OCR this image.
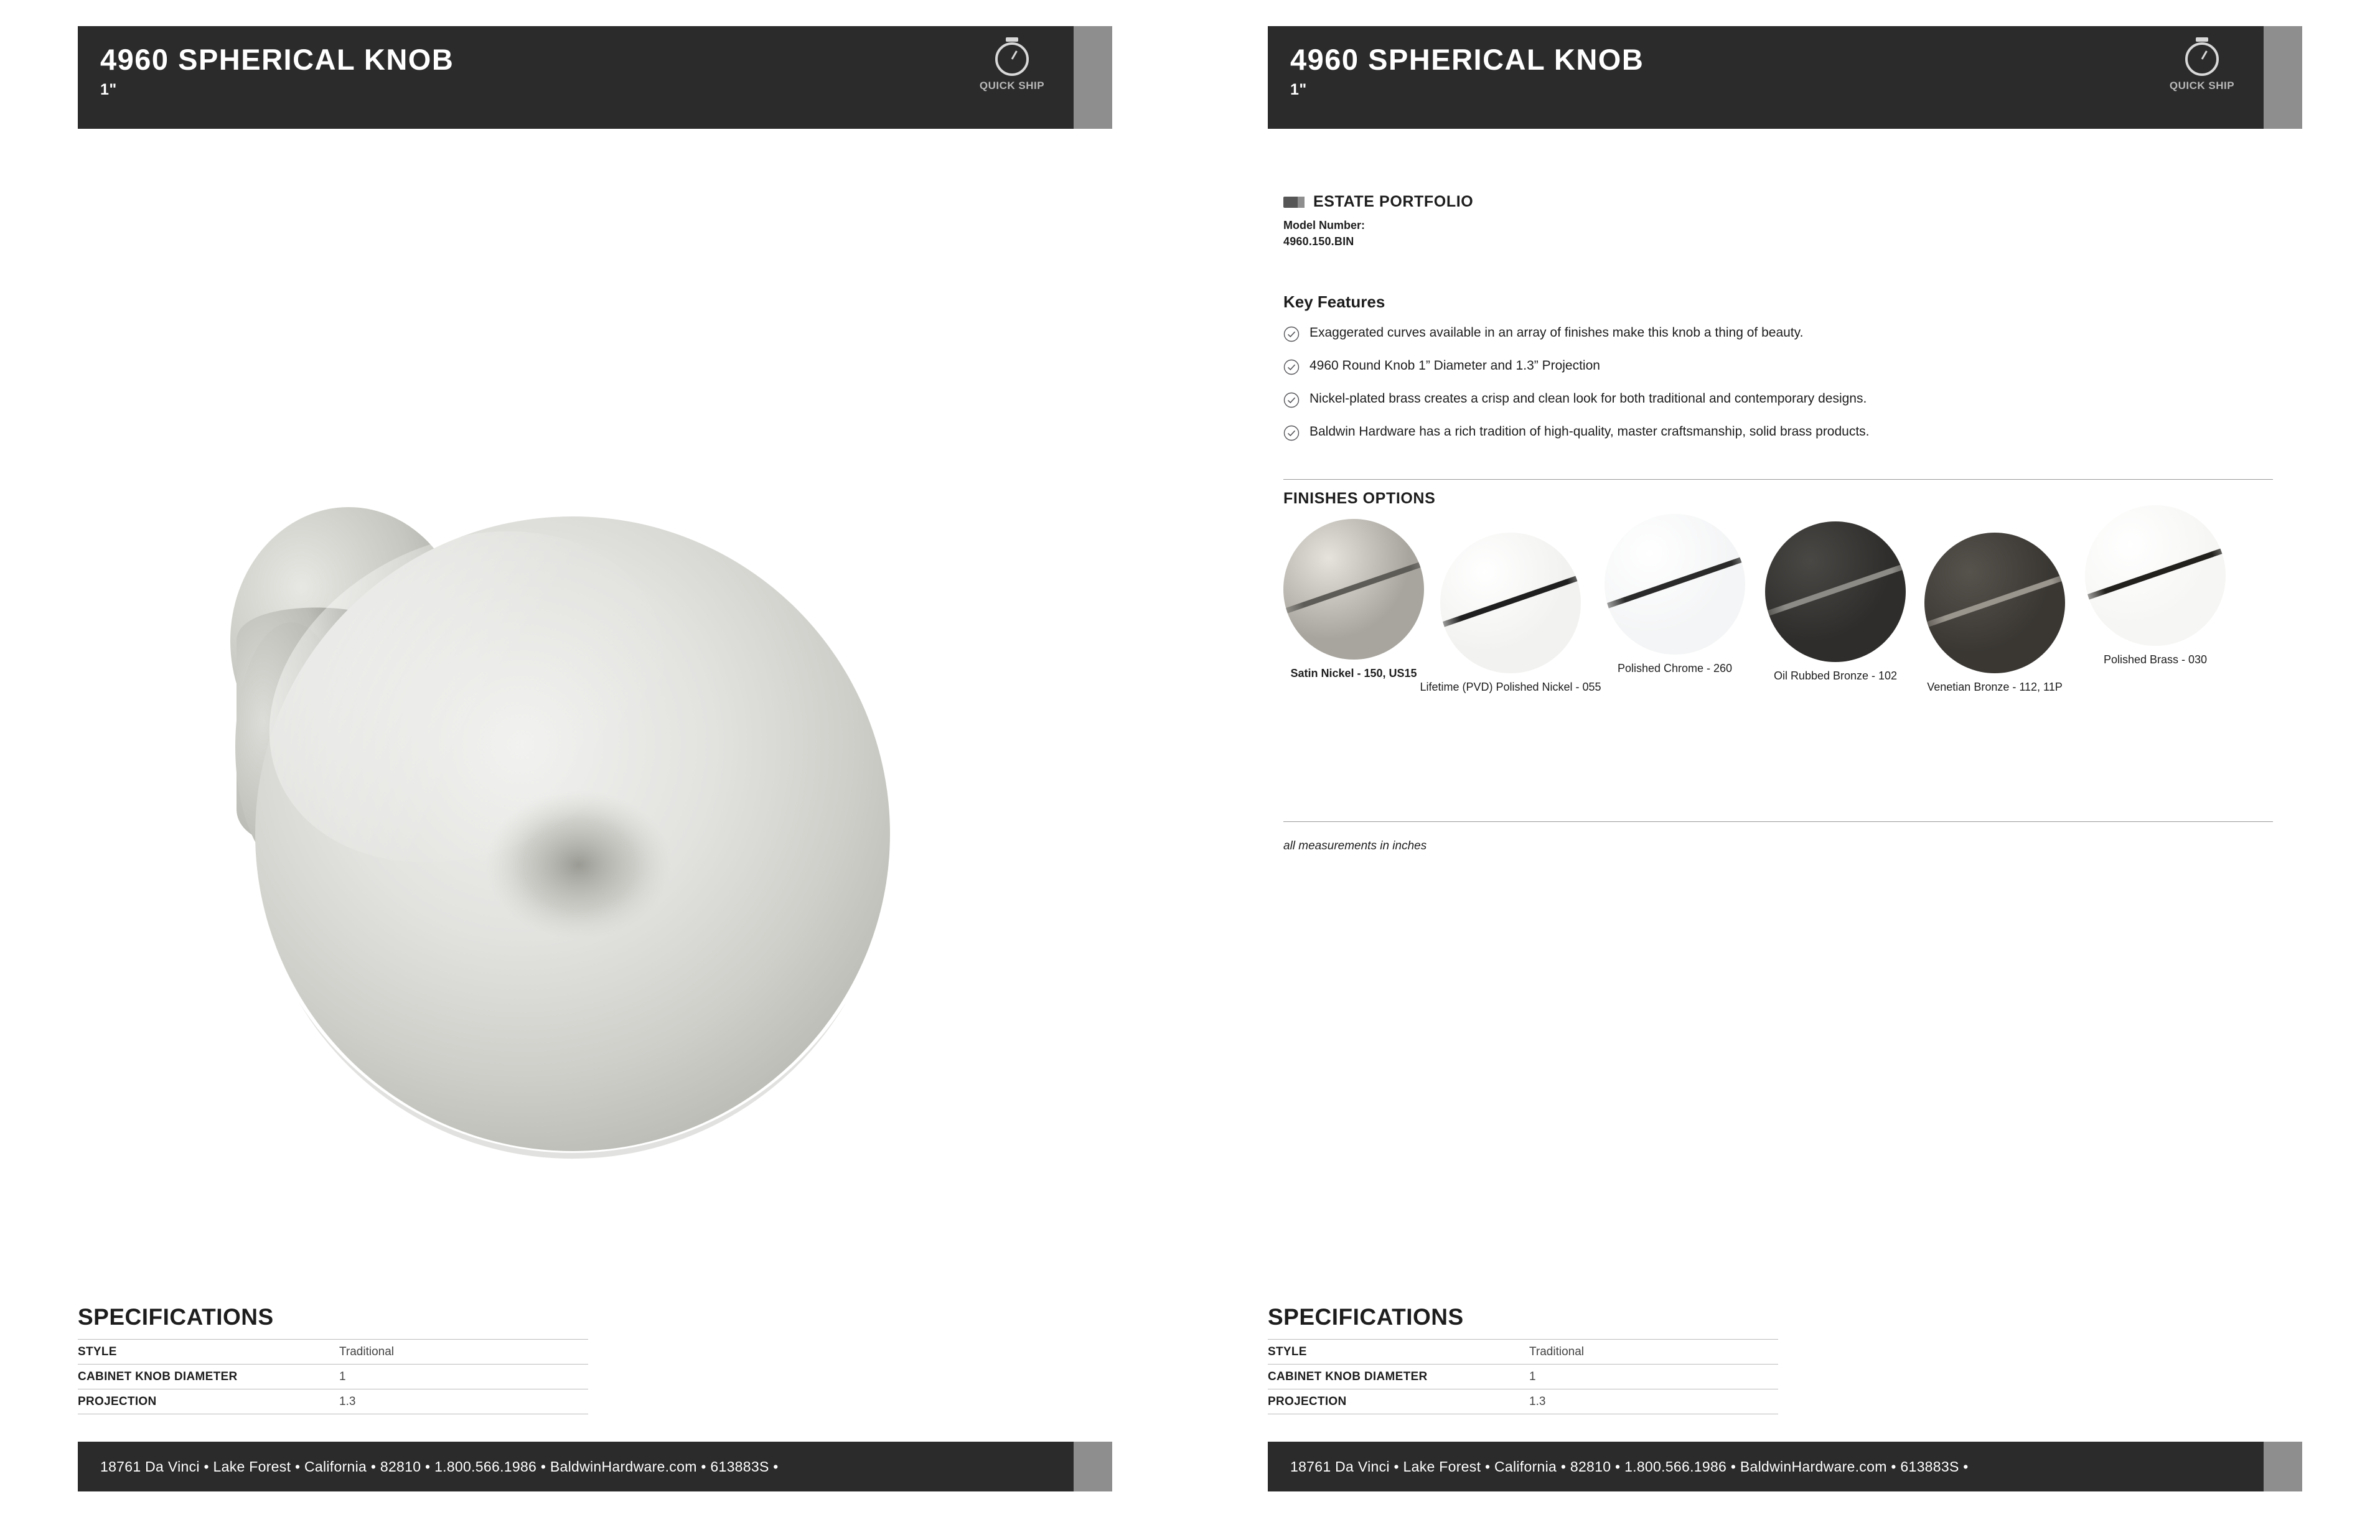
4960 SPHERICAL KNOB
1"	QUICK SHIP
SPECIFICATIONS
STYLE	Traditional
CABINET KNOB DIAMETER	1
PROJECTION	1.3
18761 Da Vinci • Lake Forest • California • 82810 • 1.800.566.1986 • BaldwinHardware.com • 613883S •
4960 SPHERICAL KNOB
1"	QUICK SHIP
SPECIFICATIONS
STYLE	Traditional
CABINET KNOB DIAMETER	1
PROJECTION	1.3
18761 Da Vinci • Lake Forest • California • 82810 • 1.800.566.1986 • BaldwinHardware.com • 613883S •
ESTATE PORTFOLIO
Model Number:
4960.150.BIN
Key Features
Exaggerated curves available in an array of finishes make this knob a thing of beauty.
4960 Round Knob 1” Diameter and 1.3” Projection
Nickel-plated brass creates a crisp and clean look for both traditional and contemporary designs.
Baldwin Hardware has a rich tradition of high-quality, master craftsmanship, solid brass products.
FINISHES OPTIONS
Satin Nickel - 150, US15
Lifetime (PVD) Polished Nickel - 055
Polished Chrome - 260
Oil Rubbed Bronze - 102
Venetian Bronze - 112, 11P
Polished Brass - 030
all measurements in inches
